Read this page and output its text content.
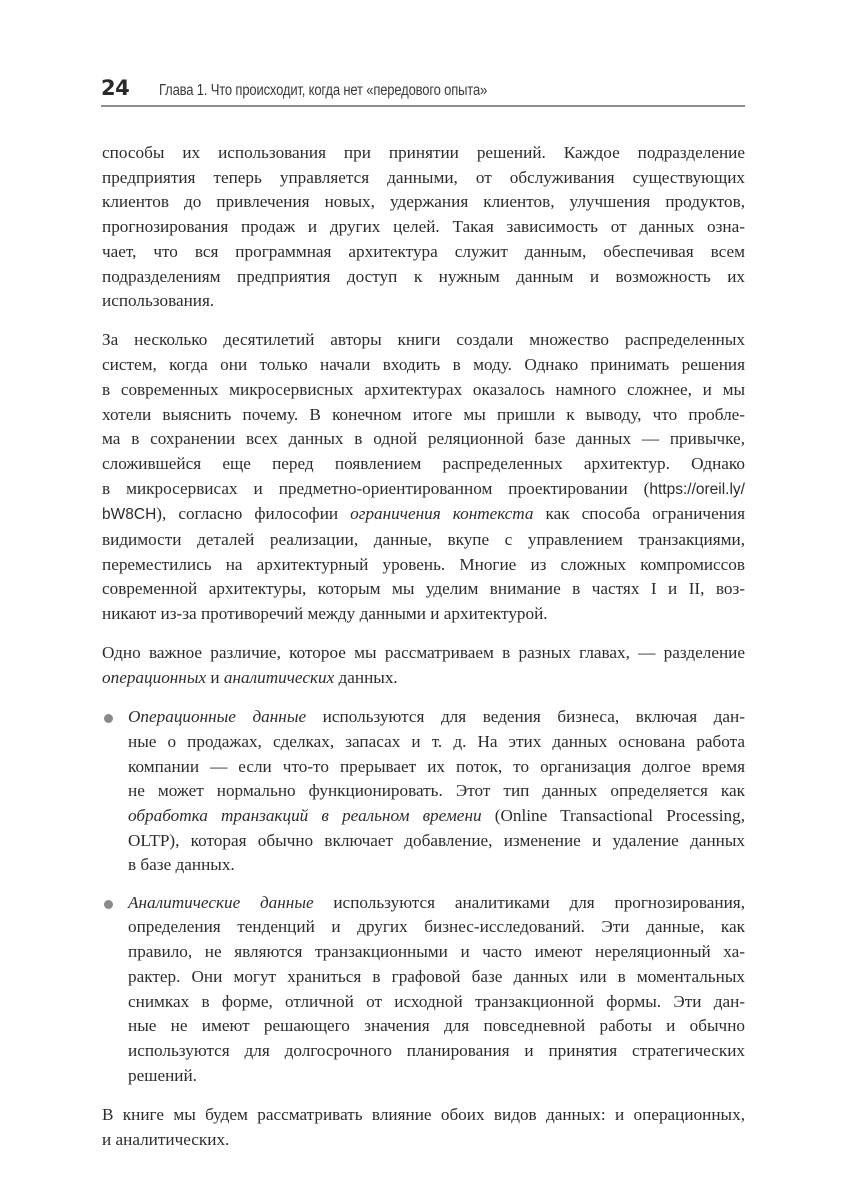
24	Глава 1. Что происходит, когда нет «передового опыта»

способы их использования при принятии решений. Каждое подразделение
предприятия теперь управляется данными, от обслуживания существующих
клиентов до привлечения новых, удержания клиентов, улучшения продуктов,
прогнозирования продаж и других целей. Такая зависимость от данных озна-
чает, что вся программная архитектура служит данным, обеспечивая всем
подразделениям предприятия доступ к нужным данным и возможность их
использования.

За несколько десятилетий авторы книги создали множество распределенных
систем, когда они только начали входить в моду. Однако принимать решения
в современных микросервисных архитектурах оказалось намного сложнее, и мы
хотели выяснить почему. В конечном итоге мы пришли к выводу, что пробле-
ма в сохранении всех данных в одной реляционной базе данных — привычке,
сложившейся еще перед появлением распределенных архитектур. Однако
в микросервисах и предметно-ориентированном проектировании (https://oreil.ly/
bW8CH), согласно философии ограничения контекста как способа ограничения
видимости деталей реализации, данные, вкупе с управлением транзакциями,
переместились на архитектурный уровень. Многие из сложных компромиссов
современной архитектуры, которым мы уделим внимание в частях I и II, воз-
никают из-за противоречий между данными и архитектурой.

Одно важное различие, которое мы рассматриваем в разных главах, — разделение
операционных и аналитических данных.

Операционные данные используются для ведения бизнеса, включая дан-
ные о продажах, сделках, запасах и т. д. На этих данных основана работа
компании — если что-то прерывает их поток, то организация долгое время
не может нормально функционировать. Этот тип данных определяется как
обработка транзакций в реальном времени (Online Transactional Processing,
OLTP), которая обычно включает добавление, изменение и удаление данных
в базе данных.
Аналитические данные используются аналитиками для прогнозирования,
определения тенденций и других бизнес-исследований. Эти данные, как
правило, не являются транзакционными и часто имеют нереляционный ха-
рактер. Они могут храниться в графовой базе данных или в моментальных
снимках в форме, отличной от исходной транзакционной формы. Эти дан-
ные не имеют решающего значения для повседневной работы и обычно
используются для долгосрочного планирования и принятия стратегических
решений.

В книге мы будем рассматривать влияние обоих видов данных: и операционных,
и аналитических.
